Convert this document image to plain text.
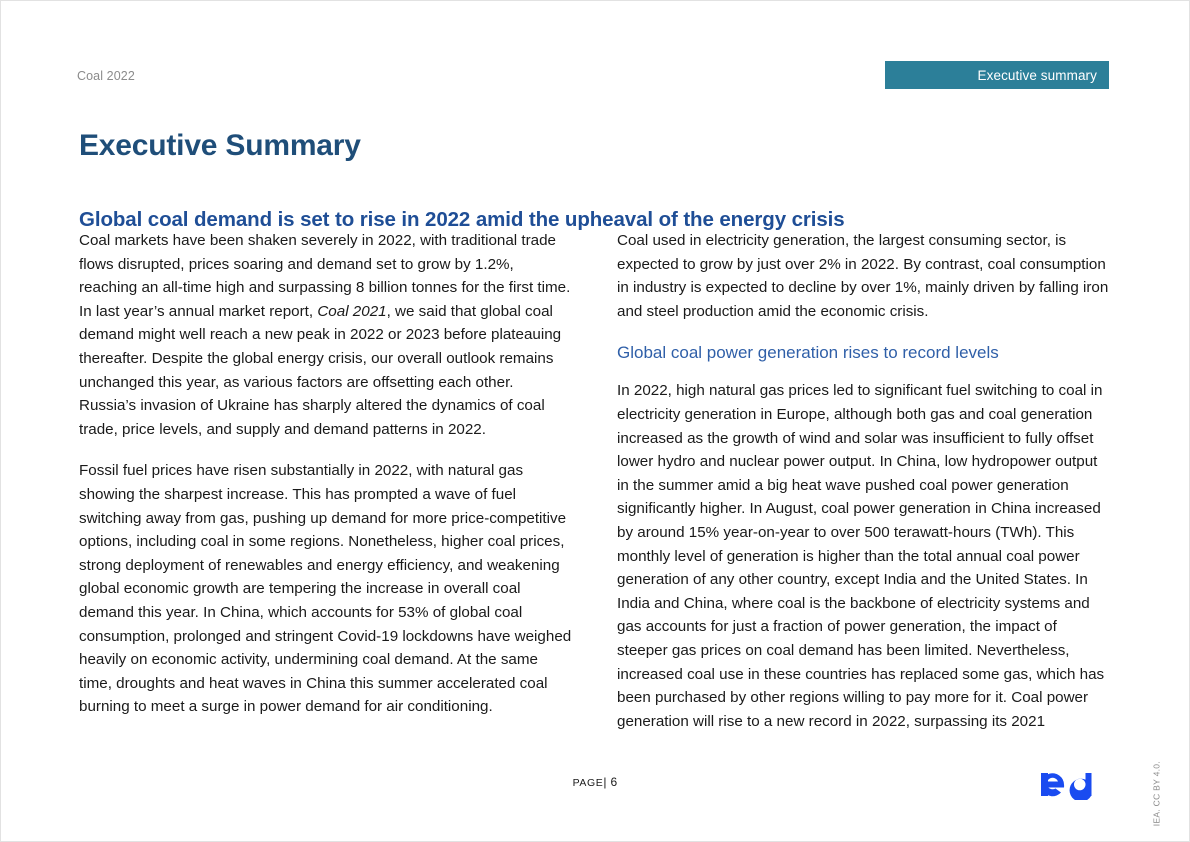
Coal 2022	Executive summary
Executive Summary
Global coal demand is set to rise in 2022 amid the upheaval of the energy crisis

Coal markets have been shaken severely in 2022, with traditional trade flows disrupted, prices soaring and demand set to grow by 1.2%, reaching an all-time high and surpassing 8 billion tonnes for the first time. In last year’s annual market report, Coal 2021, we said that global coal demand might well reach a new peak in 2022 or 2023 before plateauing thereafter. Despite the global energy crisis, our overall outlook remains unchanged this year, as various factors are offsetting each other. Russia’s invasion of Ukraine has sharply altered the dynamics of coal trade, price levels, and supply and demand patterns in 2022.

Fossil fuel prices have risen substantially in 2022, with natural gas showing the sharpest increase. This has prompted a wave of fuel switching away from gas, pushing up demand for more price-competitive options, including coal in some regions. Nonetheless, higher coal prices, strong deployment of renewables and energy efficiency, and weakening global economic growth are tempering the increase in overall coal demand this year. In China, which accounts for 53% of global coal consumption, prolonged and stringent Covid-19 lockdowns have weighed heavily on economic activity, undermining coal demand. At the same time, droughts and heat waves in China this summer accelerated coal burning to meet a surge in power demand for air conditioning.

Coal used in electricity generation, the largest consuming sector, is expected to grow by just over 2% in 2022. By contrast, coal consumption in industry is expected to decline by over 1%, mainly driven by falling iron and steel production amid the economic crisis.

Global coal power generation rises to record levels

In 2022, high natural gas prices led to significant fuel switching to coal in electricity generation in Europe, although both gas and coal generation increased as the growth of wind and solar was insufficient to fully offset lower hydro and nuclear power output. In China, low hydropower output in the summer amid a big heat wave pushed coal power generation significantly higher. In August, coal power generation in China increased by around 15% year-on-year to over 500 terawatt-hours (TWh). This monthly level of generation is higher than the total annual coal power generation of any other country, except India and the United States. In India and China, where coal is the backbone of electricity systems and gas accounts for just a fraction of power generation, the impact of steeper gas prices on coal demand has been limited. Nevertheless, increased coal use in these countries has replaced some gas, which has been purchased by other regions willing to pay more for it. Coal power generation will rise to a new record in 2022, surpassing its 2021

PAGE| 6	IEA. CC BY 4.0.
